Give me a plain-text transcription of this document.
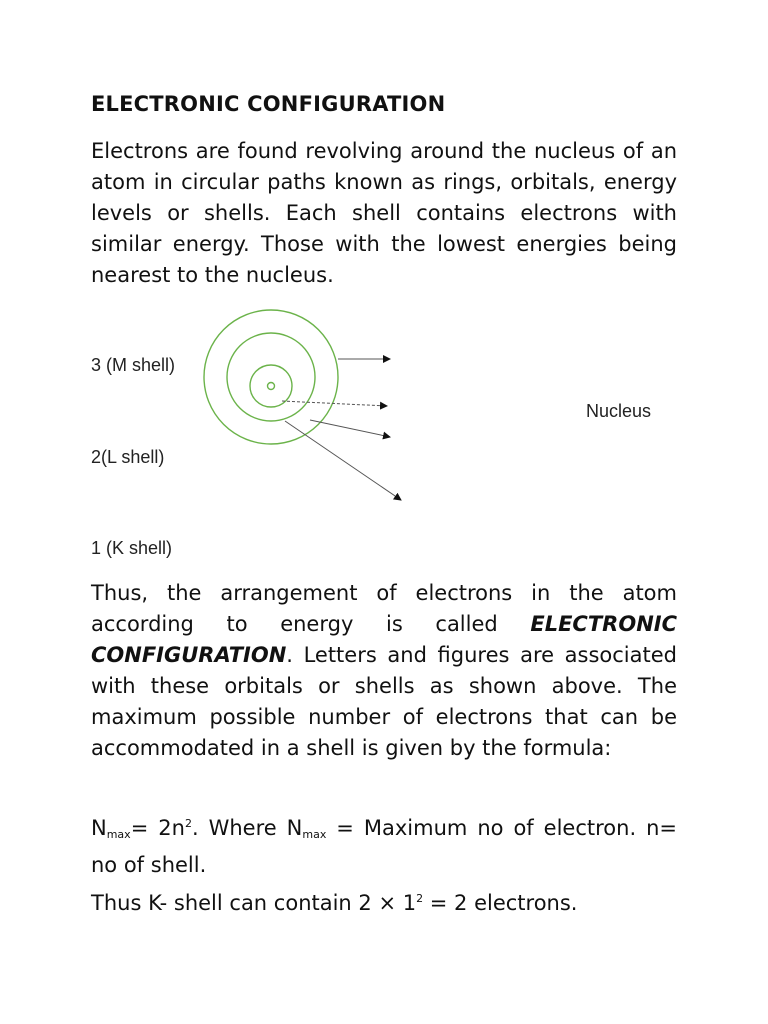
ELECTRONIC CONFIGURATION

Electrons are found revolving around the nucleus of an atom in circular paths known as rings, orbitals, energy levels or shells. Each shell contains electrons with similar energy. Those with the lowest energies being nearest to the nucleus.

3 (M shell)
2(L shell)
1 (K shell)
Nucleus

Thus, the arrangement of electrons in the atom according to energy is called ELECTRONIC CONFIGURATION. Letters and figures are associated with these orbitals or shells as shown above. The maximum possible number of electrons that can be accommodated in a shell is given by the formula:

$N_{max}= 2n^2$. Where $N_{max}$ = Maximum no of electron. n= no of shell.

Thus K- shell can contain $2 \times 1^2 = 2$ electrons.
